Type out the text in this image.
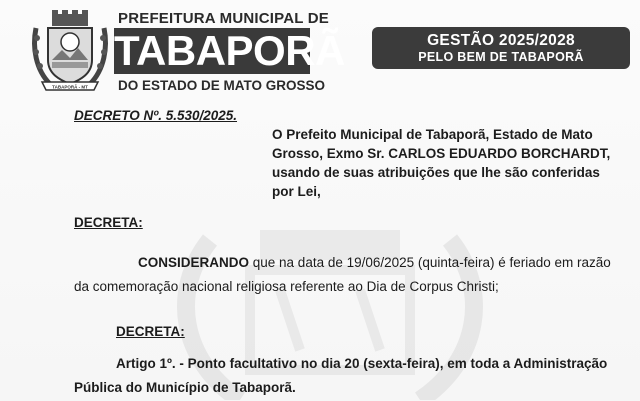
TABAPORÃ - MT
PREFEITURA MUNICIPAL DE
TABAPORÃ
DO ESTADO DE MATO GROSSO
GESTÃO 2025/2028
PELO BEM DE TABAPORÃ
DECRETO Nº. 5.530/2025.
O Prefeito Municipal de Tabaporã, Estado de Mato
Grosso, Exmo Sr. CARLOS EDUARDO BORCHARDT,
usando de suas atribuições que lhe são conferidas
por Lei,
DECRETA:
CONSIDERANDO que na data de 19/06/2025 (quinta-feira) é feriado em razão
da comemoração nacional religiosa referente ao Dia de Corpus Christi;
DECRETA:
Artigo 1º. - Ponto facultativo no dia 20 (sexta-feira), em toda a Administração
Pública do Município de Tabaporã.
